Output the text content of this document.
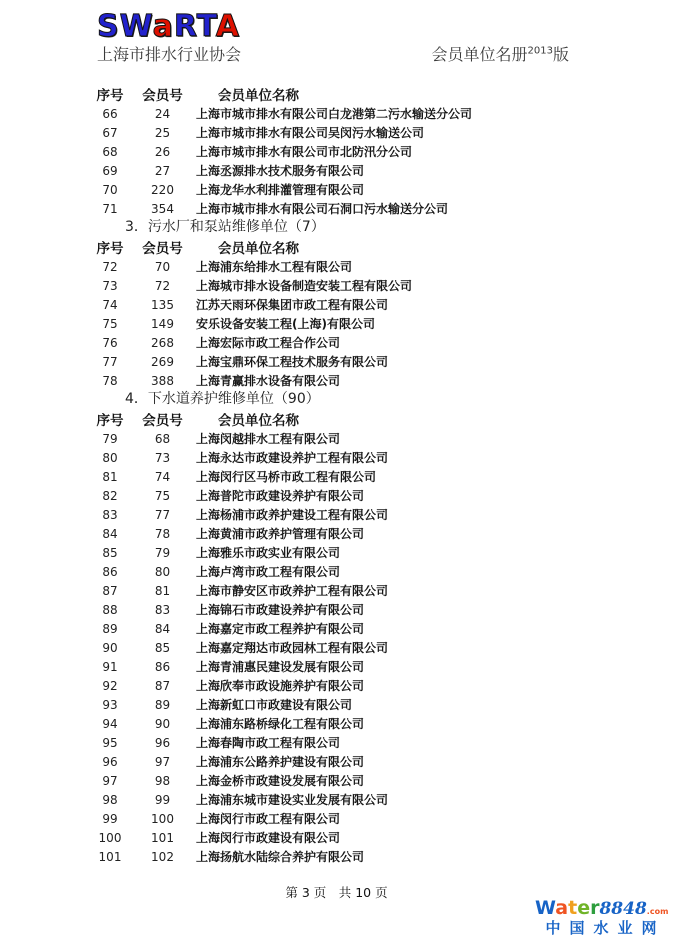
SWaRTA
上海市排水行业协会	会员单位名册$^{2013}$版
序号	会员号	会员单位名称
66	24	上海市城市排水有限公司白龙港第二污水输送分公司
67	25	上海市城市排水有限公司吴闵污水输送公司
68	26	上海市城市排水有限公司市北防汛分公司
69	27	上海丞源排水技术服务有限公司
70	220	上海龙华水利排灌管理有限公司
71	354	上海市城市排水有限公司石洞口污水输送分公司
3．污水厂和泵站维修单位（7）
序号	会员号	会员单位名称
72	70	上海浦东给排水工程有限公司
73	72	上海城市排水设备制造安装工程有限公司
74	135	江苏天雨环保集团市政工程有限公司
75	149	安乐设备安装工程(上海)有限公司
76	268	上海宏际市政工程合作公司
77	269	上海宝鼎环保工程技术服务有限公司
78	388	上海青赢排水设备有限公司
4．下水道养护维修单位（90）
序号	会员号	会员单位名称
79	68	上海闵越排水工程有限公司
80	73	上海永达市政建设养护工程有限公司
81	74	上海闵行区马桥市政工程有限公司
82	75	上海普陀市政建设养护有限公司
83	77	上海杨浦市政养护建设工程有限公司
84	78	上海黄浦市政养护管理有限公司
85	79	上海雅乐市政实业有限公司
86	80	上海卢湾市政工程有限公司
87	81	上海市静安区市政养护工程有限公司
88	83	上海锦石市政建设养护有限公司
89	84	上海嘉定市政工程养护有限公司
90	85	上海嘉定翔达市政园林工程有限公司
91	86	上海青浦惠民建设发展有限公司
92	87	上海欣奉市政设施养护有限公司
93	89	上海新虹口市政建设有限公司
94	90	上海浦东路桥绿化工程有限公司
95	96	上海春陶市政工程有限公司
96	97	上海浦东公路养护建设有限公司
97	98	上海金桥市政建设发展有限公司
98	99	上海浦东城市建设实业发展有限公司
99	100	上海闵行市政工程有限公司
100	101	上海闵行市政建设有限公司
101	102	上海扬航水陆综合养护有限公司
第 3 页　共 10 页
Water8848.com
中国水业网
